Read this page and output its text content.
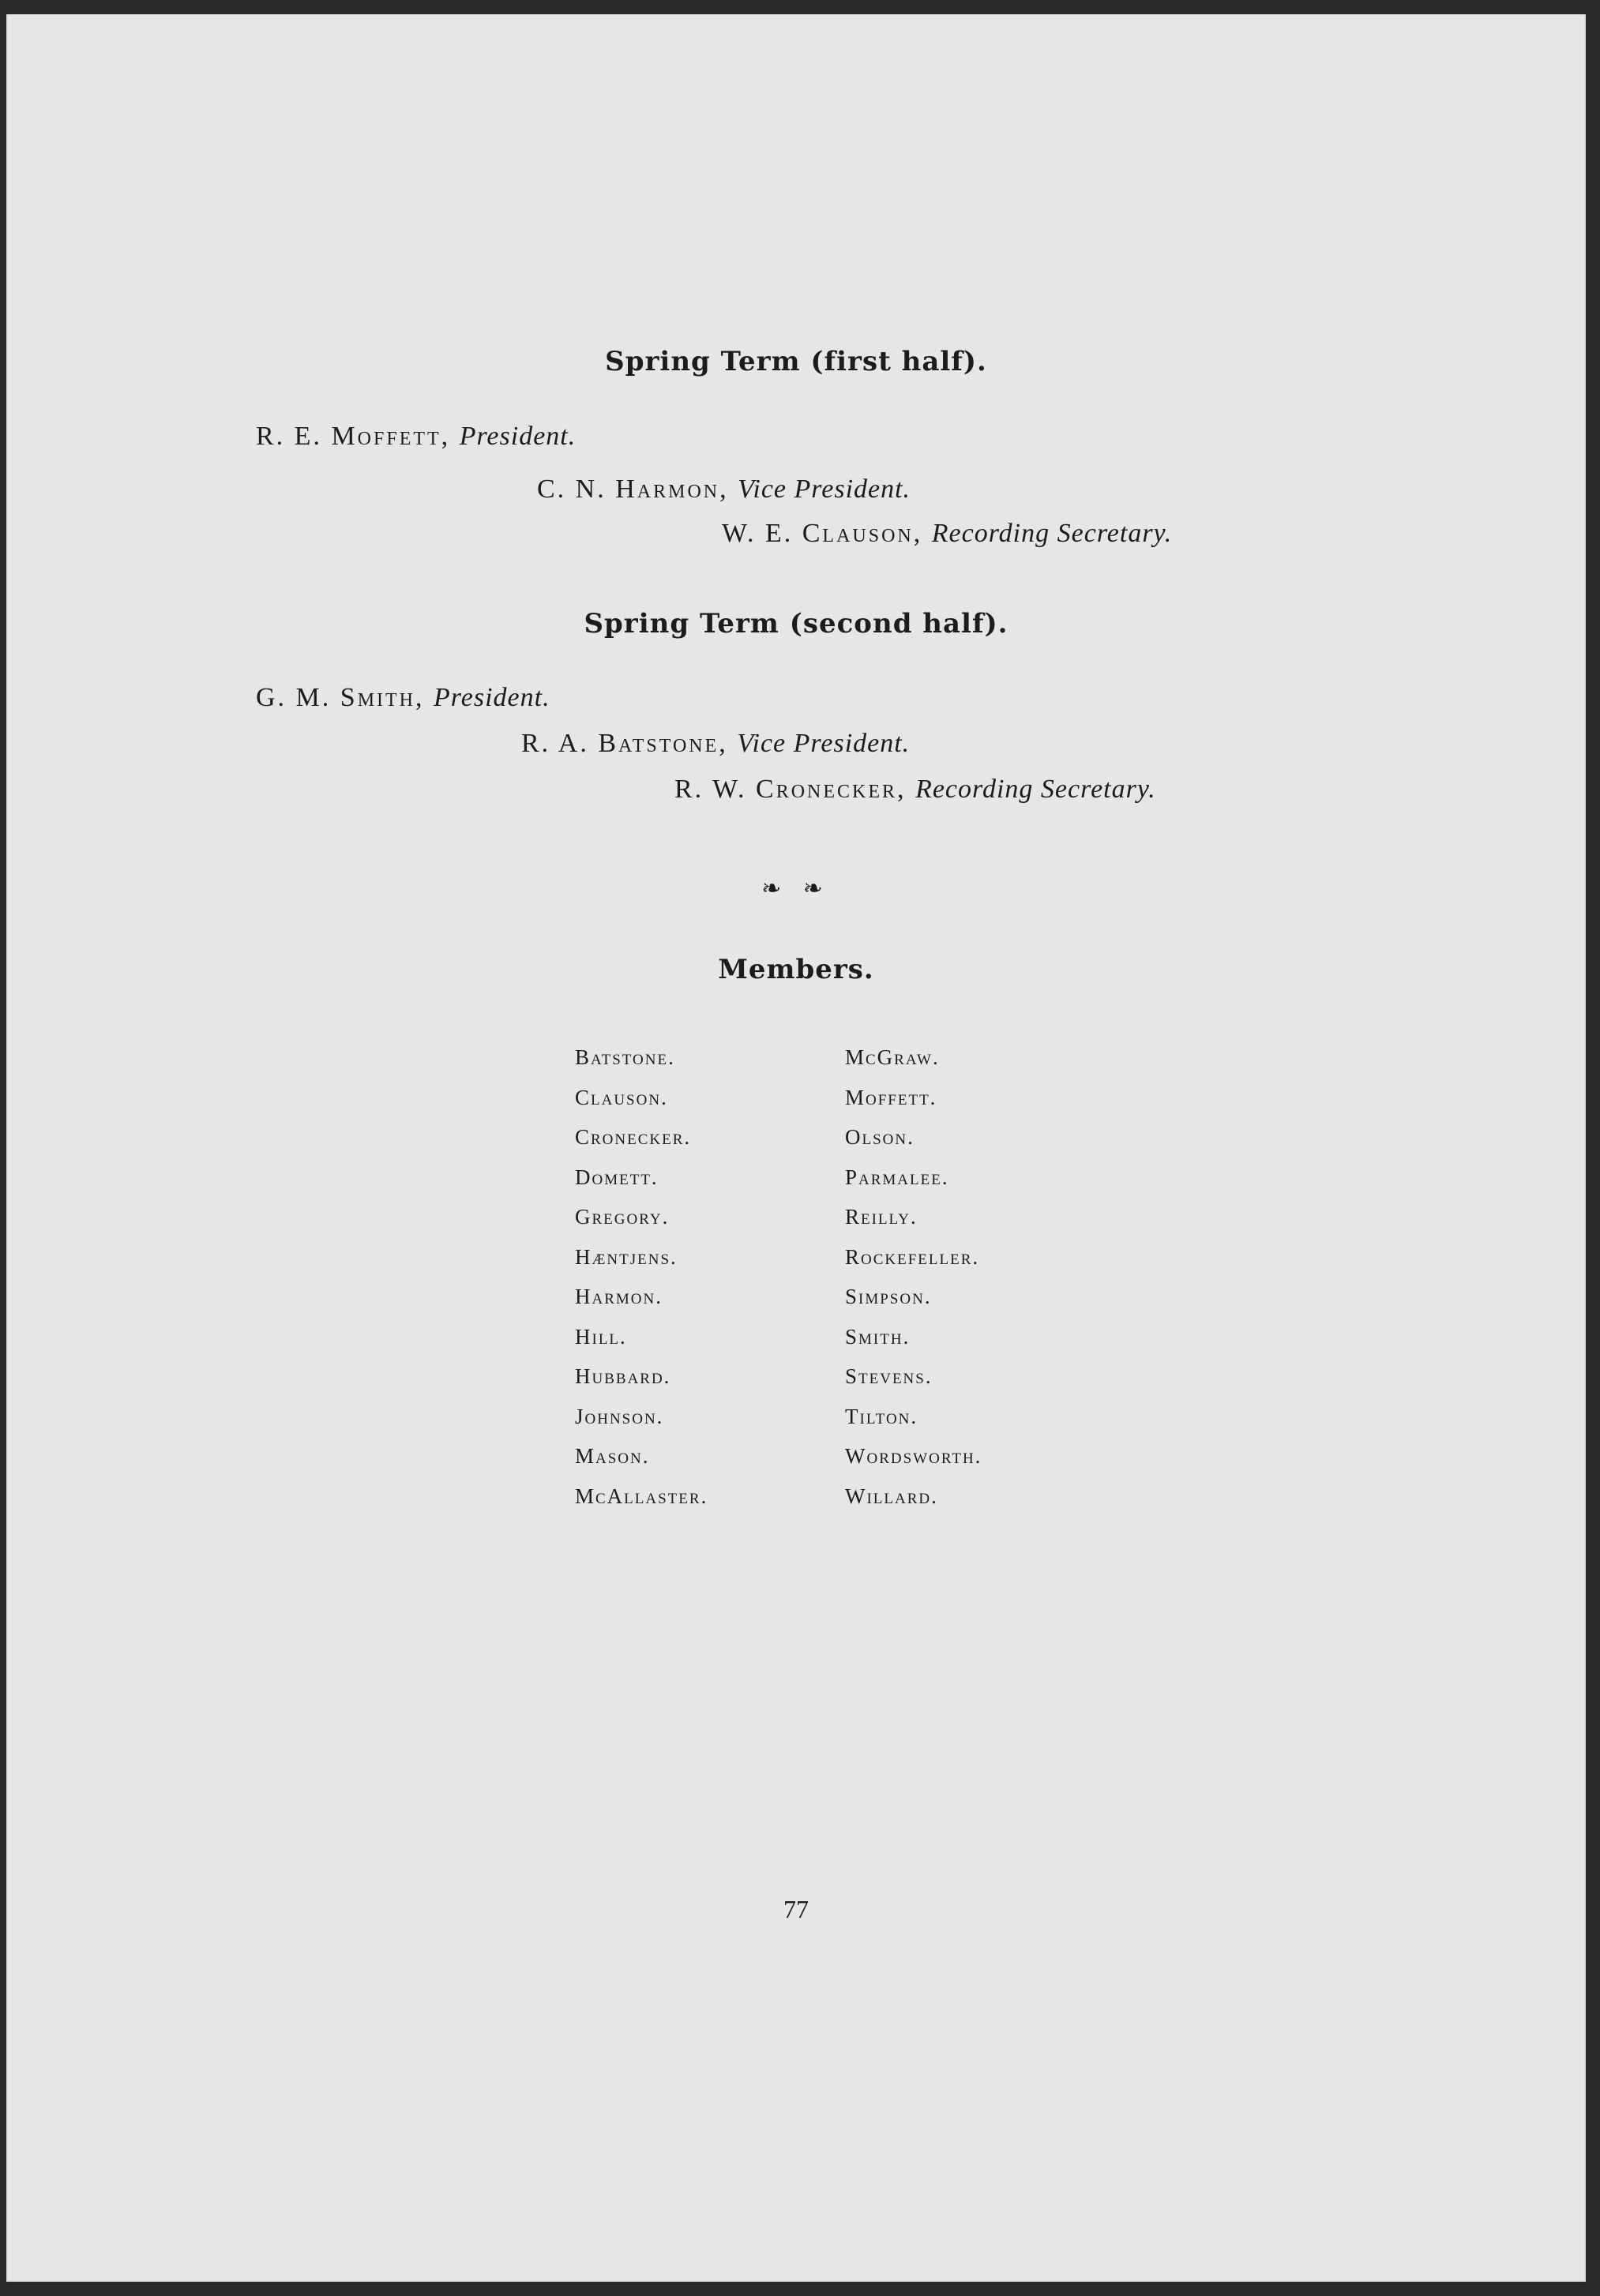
Spring Term (first half).
R. E. Moffett, President.
C. N. Harmon, Vice President.
W. E. Clauson, Recording Secretary.
Spring Term (second half).
G. M. Smith, President.
R. A. Batstone, Vice President.
R. W. Cronecker, Recording Secretary.
❧ ❧
Members.
Batstone.
Clauson.
Cronecker.
Domett.
Gregory.
Hæntjens.
Harmon.
Hill.
Hubbard.
Johnson.
Mason.
McAllaster.
McGraw.
Moffett.
Olson.
Parmalee.
Reilly.
Rockefeller.
Simpson.
Smith.
Stevens.
Tilton.
Wordsworth.
Willard.
77
